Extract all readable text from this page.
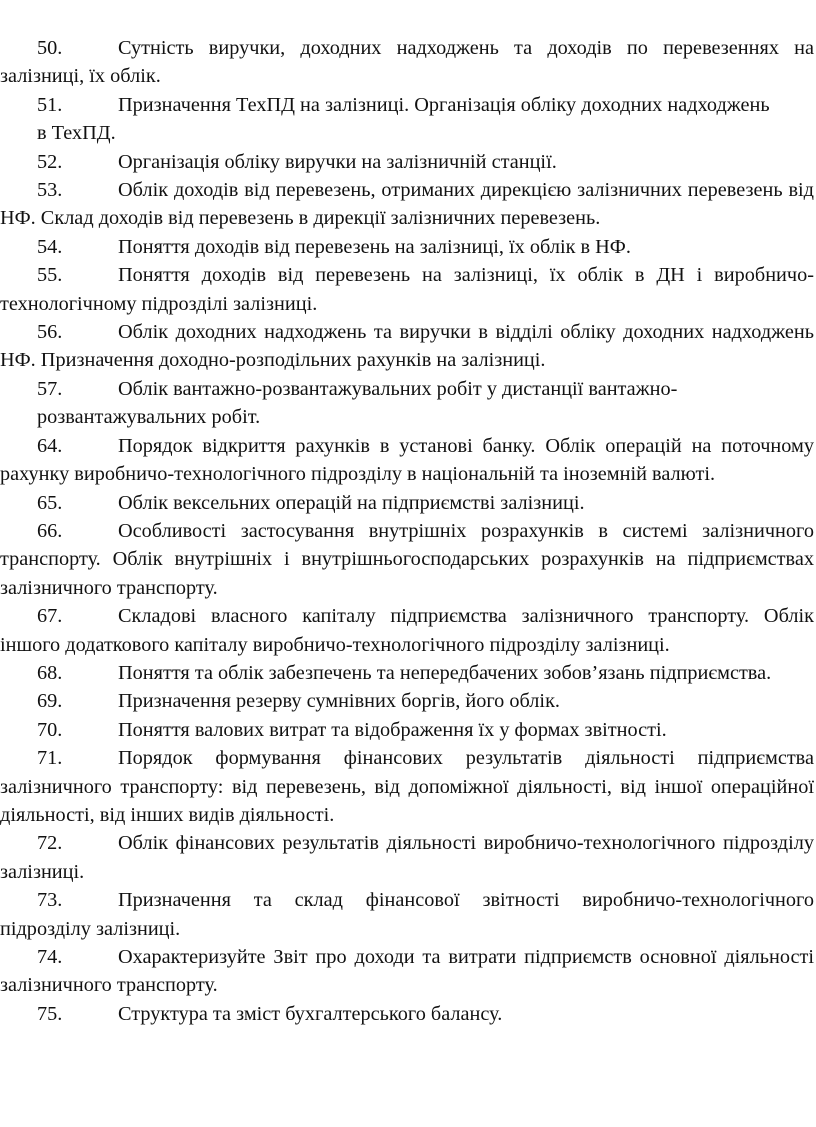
50.	Сутність виручки, доходних надходжень та доходів по перевезеннях на залізниці, їх облік.

51.	Призначення ТехПД на залізниці. Організація обліку доходних надходжень

в ТехПД.

52.	Організація обліку виручки на залізничній станції.

53.	Облік доходів від перевезень, отриманих дирекцією залізничних перевезень від НФ. Склад доходів від перевезень в дирекції залізничних перевезень.

54.	Поняття доходів від перевезень на залізниці, їх облік в НФ.

55.	Поняття доходів від перевезень на залізниці, їх облік в ДН і виробничо-технологічному підрозділі залізниці.

56.	Облік доходних надходжень та виручки в відділі обліку доходних надходжень НФ. Призначення доходно-розподільних рахунків на залізниці.

57.	Облік вантажно-розвантажувальних робіт у дистанції вантажно-

розвантажувальних робіт.

64.	Порядок відкриття рахунків в установі банку. Облік операцій на поточному рахунку виробничо-технологічного підрозділу в національній та іноземній валюті.

65.	Облік вексельних операцій на підприємстві залізниці.

66.	Особливості застосування внутрішніх розрахунків в системі залізничного транспорту. Облік внутрішніх і внутрішньогосподарських розрахунків на підприємствах залізничного транспорту.

67.	Складові власного капіталу підприємства залізничного транспорту. Облік іншого додаткового капіталу виробничо-технологічного підрозділу залізниці.

68.	Поняття та облік забезпечень та непередбачених зобов’язань підприємства.

69.	Призначення резерву сумнівних боргів, його облік.

70.	Поняття валових витрат та відображення їх у формах звітності.

71.	Порядок формування фінансових результатів діяльності підприємства залізничного транспорту: від перевезень, від допоміжної діяльності, від іншої операційної діяльності, від інших видів діяльності.

72.	Облік фінансових результатів діяльності виробничо-технологічного підрозділу залізниці.

73.	Призначення та склад фінансової звітності виробничо-технологічного підрозділу залізниці.

74.	Охарактеризуйте Звіт про доходи та витрати підприємств основної діяльності залізничного транспорту.

75.	Структура та зміст бухгалтерського балансу.
